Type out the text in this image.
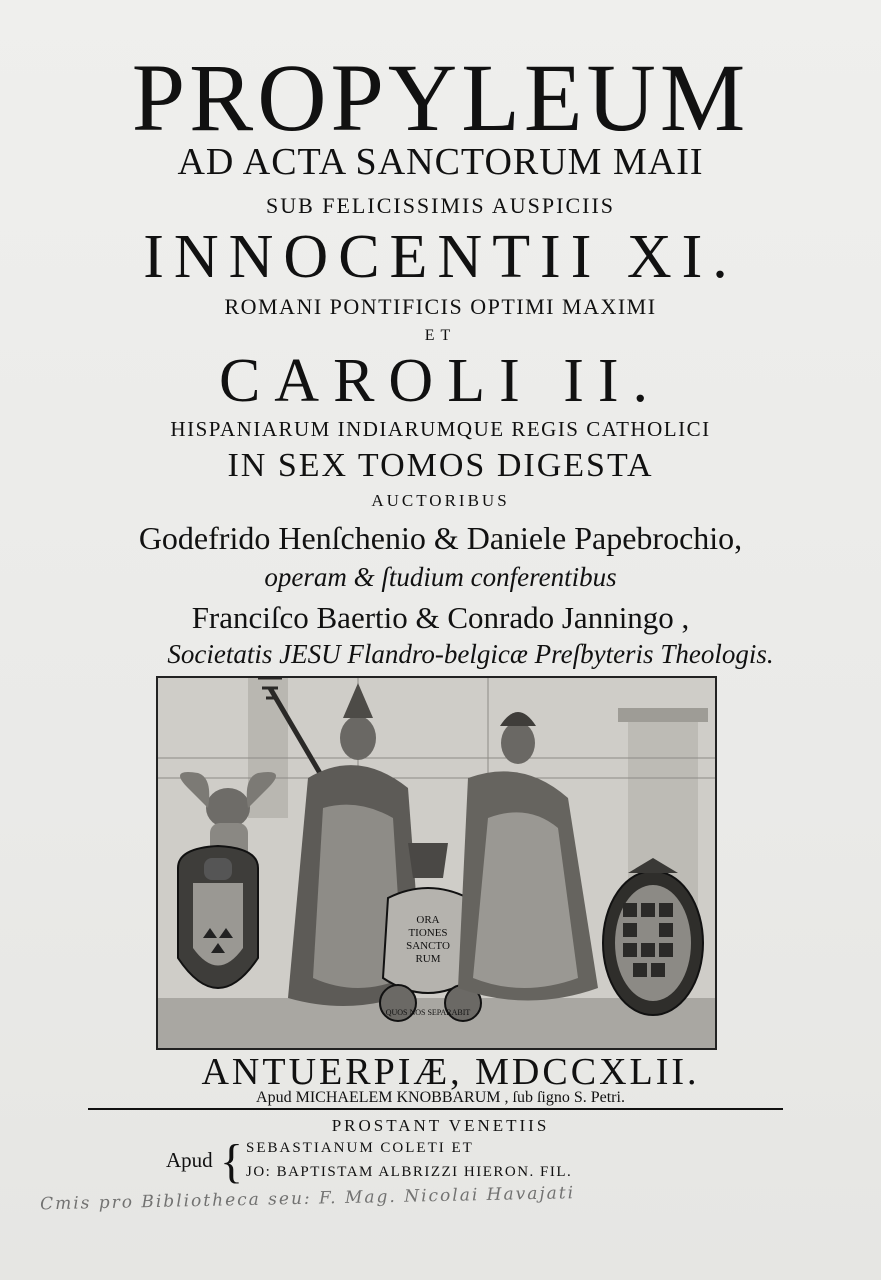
PROPYLEUM
AD ACTA SANCTORUM MAII
SUB FELICISSIMIS AUSPICIIS
INNOCENTII XI.
ROMANI PONTIFICIS OPTIMI MAXIMI
ET
CAROLI II.
HISPANIARUM INDIARUMQUE REGIS CATHOLICI
IN SEX TOMOS DIGESTA
AUCTORIBUS
Godefrido Henſchenio & Daniele Papebrochio,
operam & ſtudium conferentibus
Franciſco Baertio & Conrado Janningo ,
Societatis JESU Flandro-belgicæ Preſbyteris Theologis.
ORA
TIONES
SANCTO
RUM
QUOS NOS SEPARABIT
ANTUERPIÆ, MDCCXLII.
Apud MICHAELEM KNOBBARUM , ſub ſigno S. Petri.
PROSTANT VENETIIS
Apud { SEBASTIANUM COLETI ET
JO: BAPTISTAM ALBRIZZI HIERON. FIL.
Cmis pro Bibliotheca seu: F. Mag. Nicolai Havajati
